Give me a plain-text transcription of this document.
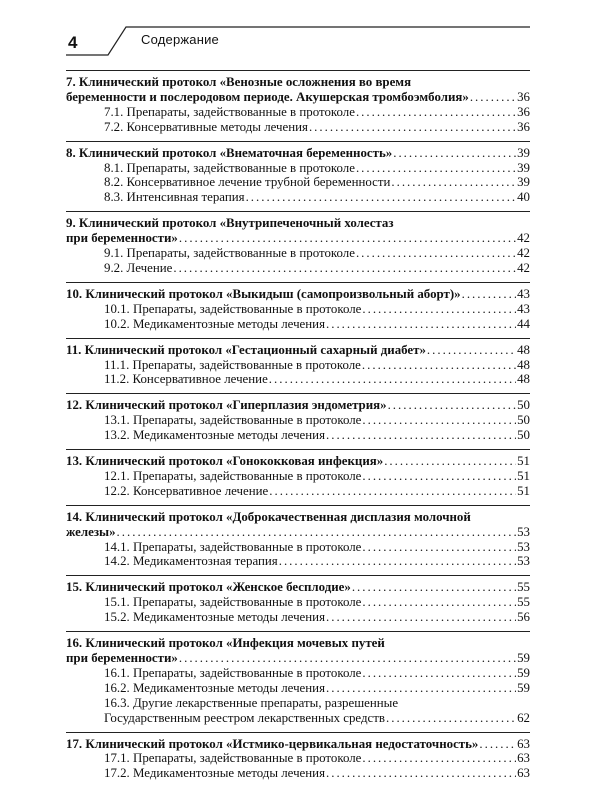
4	Содержание
7. Клинический протокол «Венозные осложнения во время
беременности и послеродовом периоде. Акушерская тромбоэмболия» .....	36
7.1. Препараты, задействованные в протоколе .....	36
7.2. Консервативные методы лечения .....	36
8. Клинический протокол «Внематочная беременность» .....	39
8.1. Препараты, задействованные в протоколе .....	39
8.2. Консервативное лечение трубной беременности .....	39
8.3. Интенсивная терапия .....	40
9. Клинический протокол «Внутрипеченочный холестаз
при беременности» .....	42
9.1. Препараты, задействованные в протоколе .....	42
9.2. Лечение .....	42
10. Клинический протокол «Выкидыш (самопроизвольный аборт)» .....	43
10.1. Препараты, задействованные в протоколе .....	43
10.2. Медикаментозные методы лечения .....	44
11. Клинический протокол «Гестационный сахарный диабет» .....	48
11.1. Препараты, задействованные в протоколе .....	48
11.2. Консервативное лечение .....	48
12. Клинический протокол «Гиперплазия эндометрия» .....	50
13.1. Препараты, задействованные в протоколе .....	50
13.2. Медикаментозные методы лечения .....	50
13. Клинический протокол «Гонококковая инфекция» .....	51
12.1. Препараты, задействованные в протоколе .....	51
12.2. Консервативное лечение .....	51
14. Клинический протокол «Доброкачественная дисплазия молочной
железы» .....	53
14.1. Препараты, задействованные в протоколе .....	53
14.2. Медикаментозная терапия .....	53
15. Клинический протокол «Женское бесплодие» .....	55
15.1. Препараты, задействованные в протоколе .....	55
15.2. Медикаментозные методы лечения .....	56
16. Клинический протокол «Инфекция мочевых путей
при беременности» .....	59
16.1. Препараты, задействованные в протоколе .....	59
16.2. Медикаментозные методы лечения .....	59
16.3. Другие лекарственные препараты, разрешенные
Государственным реестром лекарственных средств .....	62
17. Клинический протокол «Истмико-цервикальная недостаточность» .....	63
17.1. Препараты, задействованные в протоколе .....	63
17.2. Медикаментозные методы лечения .....	63
